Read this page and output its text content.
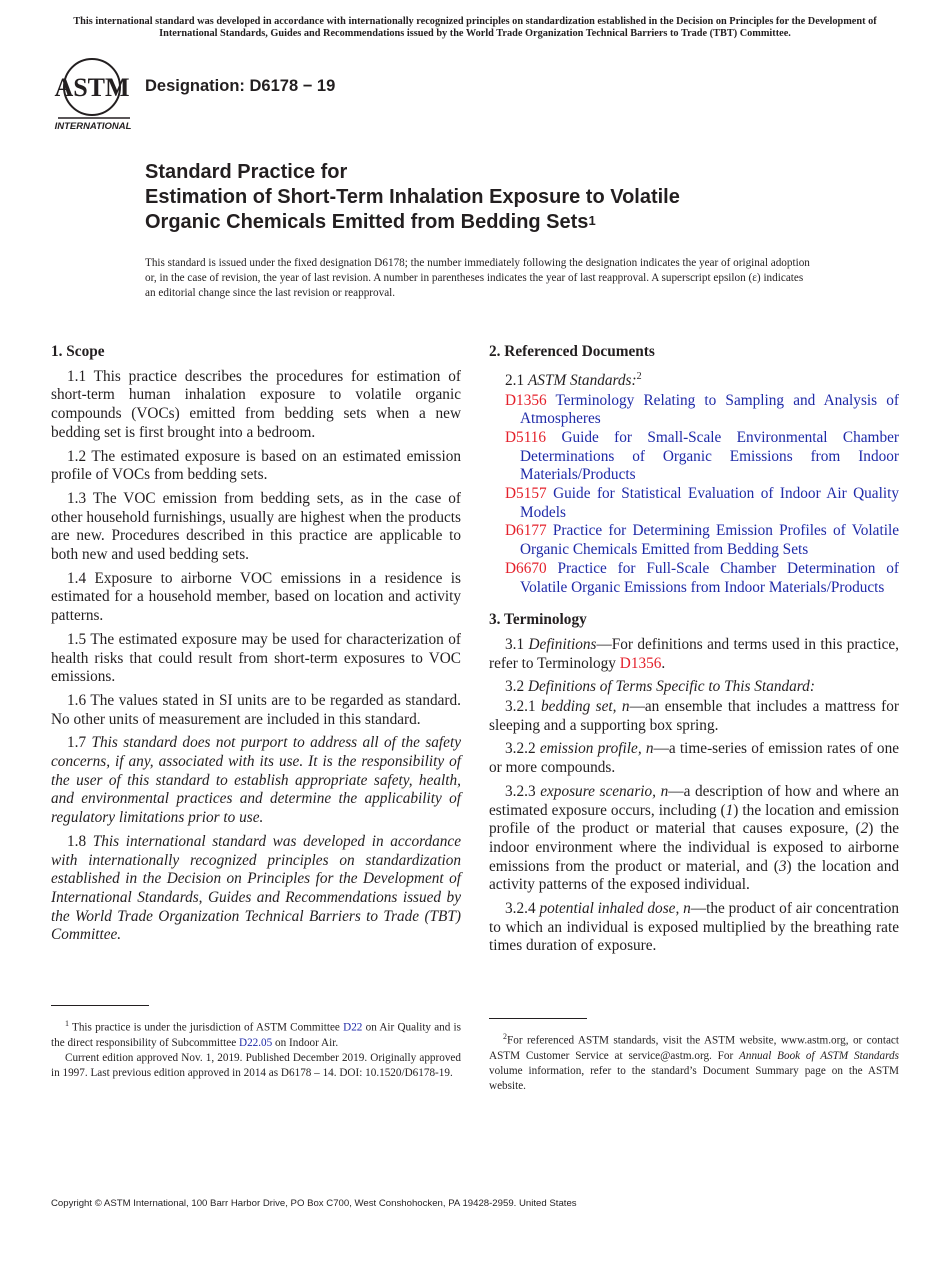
This international standard was developed in accordance with internationally recognized principles on standardization established in the Decision on Principles for the Development of International Standards, Guides and Recommendations issued by the World Trade Organization Technical Barriers to Trade (TBT) Committee.
ASTM
INTERNATIONAL
Designation: D6178 − 19
Standard Practice for
Estimation of Short-Term Inhalation Exposure to Volatile
Organic Chemicals Emitted from Bedding Sets$^1$
This standard is issued under the fixed designation D6178; the number immediately following the designation indicates the year of original adoption or, in the case of revision, the year of last revision. A number in parentheses indicates the year of last reapproval. A superscript epsilon (ε) indicates an editorial change since the last revision or reapproval.
1. Scope

1.1 This practice describes the procedures for estimation of short-term human inhalation exposure to volatile organic compounds (VOCs) emitted from bedding sets when a new bedding set is first brought into a bedroom.

1.2 The estimated exposure is based on an estimated emission profile of VOCs from bedding sets.

1.3 The VOC emission from bedding sets, as in the case of other household furnishings, usually are highest when the products are new. Procedures described in this practice are applicable to both new and used bedding sets.

1.4 Exposure to airborne VOC emissions in a residence is estimated for a household member, based on location and activity patterns.

1.5 The estimated exposure may be used for characterization of health risks that could result from short-term exposures to VOC emissions.

1.6 The values stated in SI units are to be regarded as standard. No other units of measurement are included in this standard.

1.7 This standard does not purport to address all of the safety concerns, if any, associated with its use. It is the responsibility of the user of this standard to establish appropriate safety, health, and environmental practices and determine the applicability of regulatory limitations prior to use.

1.8 This international standard was developed in accordance with internationally recognized principles on standardization established in the Decision on Principles for the Development of International Standards, Guides and Recommendations issued by the World Trade Organization Technical Barriers to Trade (TBT) Committee.

2. Referenced Documents

2.1 ASTM Standards:$^2$

D1356 Terminology Relating to Sampling and Analysis of Atmospheres

D5116 Guide for Small-Scale Environmental Chamber Determinations of Organic Emissions from Indoor Materials/Products

D5157 Guide for Statistical Evaluation of Indoor Air Quality Models

D6177 Practice for Determining Emission Profiles of Volatile Organic Chemicals Emitted from Bedding Sets

D6670 Practice for Full-Scale Chamber Determination of Volatile Organic Emissions from Indoor Materials/Products

3. Terminology

3.1 Definitions—For definitions and terms used in this practice, refer to Terminology D1356.

3.2 Definitions of Terms Specific to This Standard:

3.2.1 bedding set, n—an ensemble that includes a mattress for sleeping and a supporting box spring.

3.2.2 emission profile, n—a time-series of emission rates of one or more compounds.

3.2.3 exposure scenario, n—a description of how and where an estimated exposure occurs, including (1) the location and emission profile of the product or material that causes exposure, (2) the indoor environment where the individual is exposed to airborne emissions from the product or material, and (3) the location and activity patterns of the exposed individual.

3.2.4 potential inhaled dose, n—the product of air concentration to which an individual is exposed multiplied by the breathing rate times duration of exposure.

$^1$ This practice is under the jurisdiction of ASTM Committee D22 on Air Quality and is the direct responsibility of Subcommittee D22.05 on Indoor Air.

Current edition approved Nov. 1, 2019. Published December 2019. Originally approved in 1997. Last previous edition approved in 2014 as D6178 – 14. DOI: 10.1520/D6178-19.

$^2$For referenced ASTM standards, visit the ASTM website, www.astm.org, or contact ASTM Customer Service at service@astm.org. For Annual Book of ASTM Standards volume information, refer to the standard’s Document Summary page on the ASTM website.

Copyright © ASTM International, 100 Barr Harbor Drive, PO Box C700, West Conshohocken, PA 19428-2959. United States
